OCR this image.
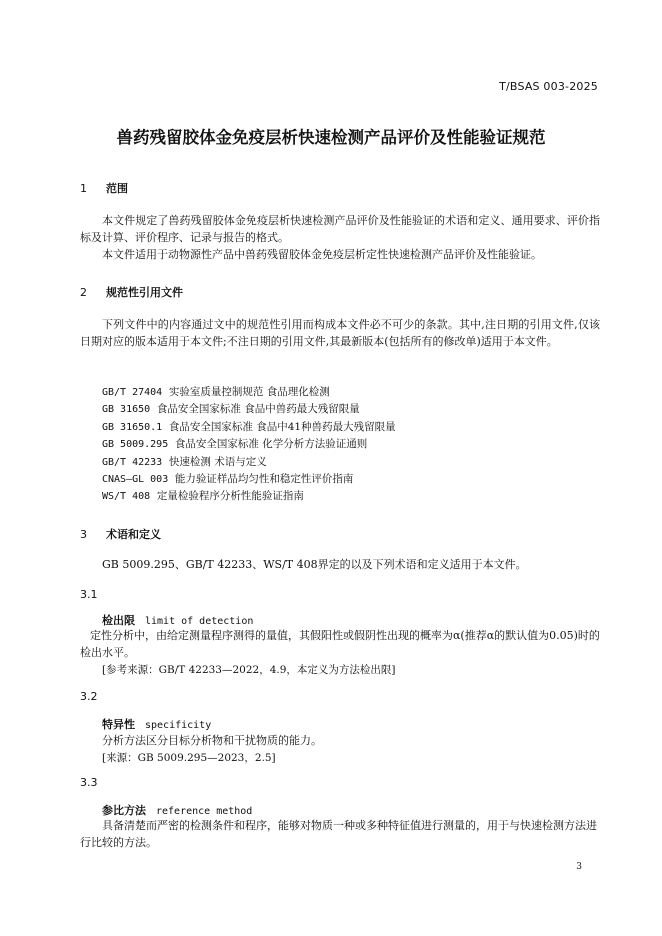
T/BSAS 003-2025
兽药残留胶体金免疫层析快速检测产品评价及性能验证规范
1 范围

本文件规定了兽药残留胶体金免疫层析快速检测产品评价及性能验证的术语和定义、通用要求、评价指标及计算、评价程序、记录与报告的格式。

本文件适用于动物源性产品中兽药残留胶体金免疫层析定性快速检测产品评价及性能验证。

2 规范性引用文件

下列文件中的内容通过文中的规范性引用而构成本文件必不可少的条款。其中,注日期的引用文件,仅该日期对应的版本适用于本文件;不注日期的引用文件,其最新版本(包括所有的修改单)适用于本文件。

GB/T 27404 实验室质量控制规范 食品理化检测
GB 31650 食品安全国家标准 食品中兽药最大残留限量
GB 31650.1 食品安全国家标准 食品中41种兽药最大残留限量
GB 5009.295 食品安全国家标准 化学分析方法验证通则
GB/T 42233 快速检测 术语与定义
CNAS—GL 003 能力验证样品均匀性和稳定性评价指南
WS/T 408 定量检验程序分析性能验证指南
3 术语和定义

GB 5009.295、GB/T 42233、WS/T 408界定的以及下列术语和定义适用于本文件。

3.1
检出限 limit of detection

定性分析中，由给定测量程序测得的量值，其假阳性或假阴性出现的概率为α(推荐α的默认值为0.05)时的检出水平。

[参考来源：GB/T 42233—2022，4.9，本定义为方法检出限]
3.2
特异性 specificity

分析方法区分目标分析物和干扰物质的能力。

[来源：GB 5009.295—2023，2.5]
3.3
参比方法 reference method

具备清楚而严密的检测条件和程序，能够对物质一种或多种特征值进行测量的，用于与快速检测方法进行比较的方法。

3
